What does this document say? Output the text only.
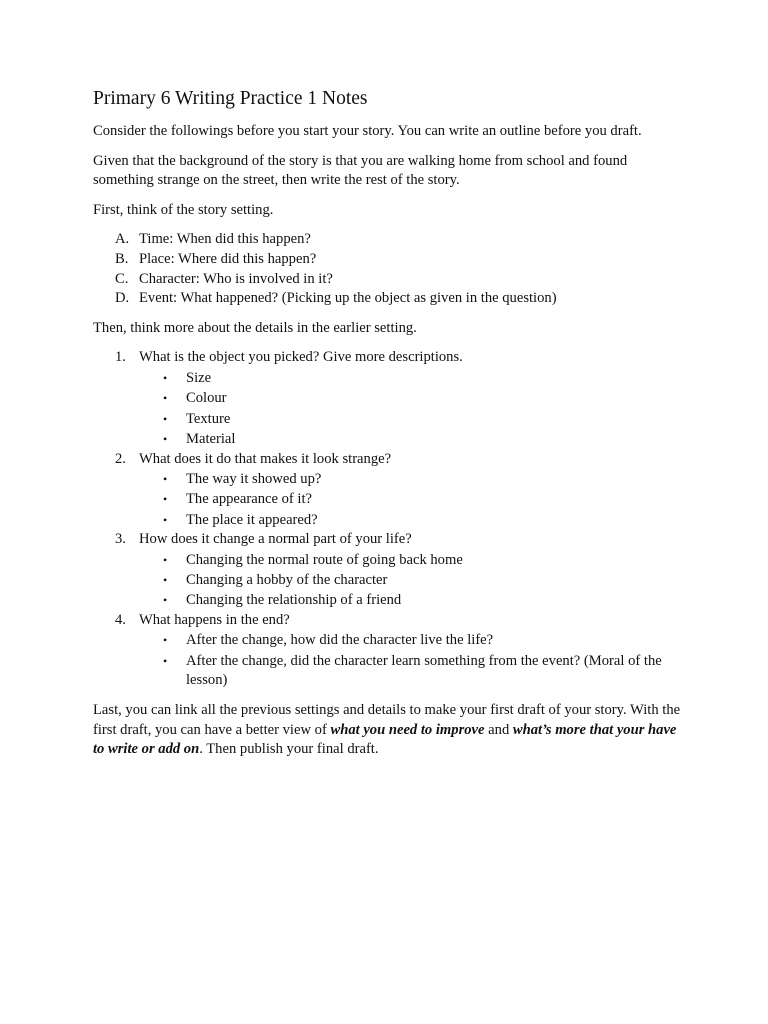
Primary 6 Writing Practice 1 Notes

Consider the followings before you start your story. You can write an outline before you draft.

Given that the background of the story is that you are walking home from school and found something strange on the street, then write the rest of the story.

First, think of the story setting.

A. Time: When did this happen?
B. Place: Where did this happen?
C. Character: Who is involved in it?
D. Event: What happened? (Picking up the object as given in the question)

Then, think more about the details in the earlier setting.

1. What is the object you picked? Give more descriptions.
• Size
• Colour
• Texture
• Material
2. What does it do that makes it look strange?
• The way it showed up?
• The appearance of it?
• The place it appeared?
3. How does it change a normal part of your life?
• Changing the normal route of going back home
• Changing a hobby of the character
• Changing the relationship of a friend
4. What happens in the end?
• After the change, how did the character live the life?
• After the change, did the character learn something from the event? (Moral of the lesson)

Last, you can link all the previous settings and details to make your first draft of your story. With the first draft, you can have a better view of what you need to improve and what’s more that your have to write or add on. Then publish your final draft.
